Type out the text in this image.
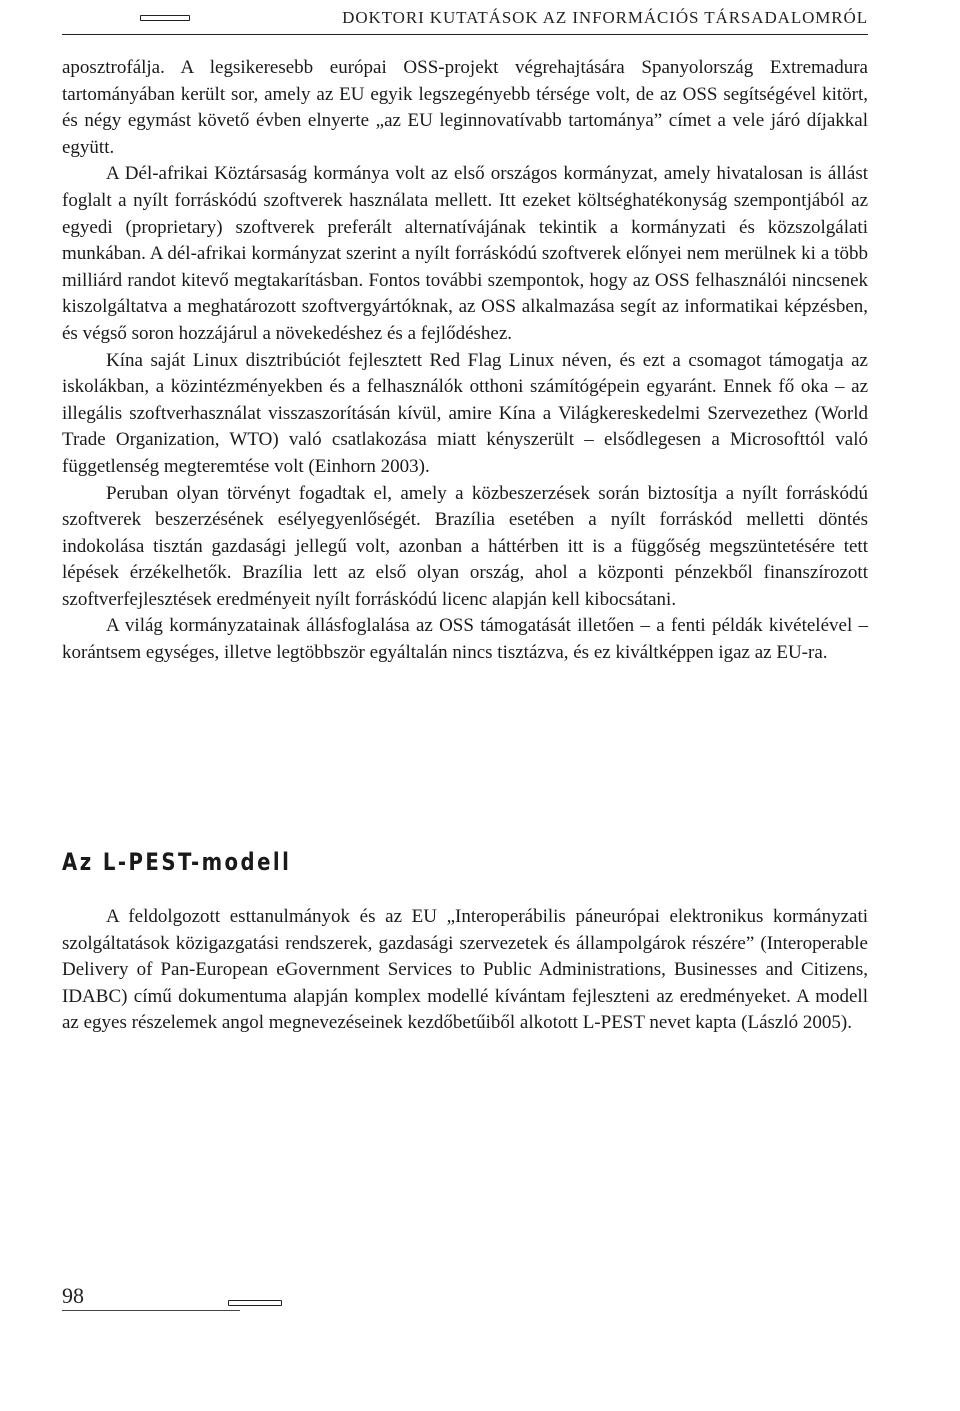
DOKTORI KUTATÁSOK AZ INFORMÁCIÓS TÁRSADALOMRÓL

aposztrofálja. A legsikeresebb európai OSS-projekt végrehajtására Spanyolország Extremadura tartományában került sor, amely az EU egyik legszegényebb térsége volt, de az OSS segítségével kitört, és négy egymást követő évben elnyerte „az EU leginnovatívabb tartománya” címet a vele járó díjakkal együtt.

A Dél-afrikai Köztársaság kormánya volt az első országos kormányzat, amely hivatalosan is állást foglalt a nyílt forráskódú szoftverek használata mellett. Itt ezeket költséghatékonyság szempontjából az egyedi (proprietary) szoftverek preferált alternatívájának tekintik a kormányzati és közszolgálati munkában. A dél-afrikai kormányzat szerint a nyílt forráskódú szoftverek előnyei nem merülnek ki a több milliárd randot kitevő megtakarításban. Fontos további szempontok, hogy az OSS felhasználói nincsenek kiszolgáltatva a meghatározott szoftvergyártóknak, az OSS alkalmazása segít az informatikai képzésben, és végső soron hozzájárul a növekedéshez és a fejlődéshez.

Kína saját Linux disztribúciót fejlesztett Red Flag Linux néven, és ezt a csomagot támogatja az iskolákban, a közintézményekben és a felhasználók otthoni számítógépein egyaránt. Ennek fő oka – az illegális szoftverhasználat visszaszorításán kívül, amire Kína a Világkereskedelmi Szervezethez (World Trade Organization, WTO) való csatlakozása miatt kényszerült – elsődlegesen a Microsofttól való függetlenség megteremtése volt (Einhorn 2003).

Peruban olyan törvényt fogadtak el, amely a közbeszerzések során biztosítja a nyílt forráskódú szoftverek beszerzésének esélyegyenlőségét. Brazília esetében a nyílt forráskód melletti döntés indokolása tisztán gazdasági jellegű volt, azonban a háttérben itt is a függőség megszüntetésére tett lépések érzékelhetők. Brazília lett az első olyan ország, ahol a központi pénzekből finanszírozott szoftverfejlesztések eredményeit nyílt forráskódú licenc alapján kell kibocsátani.

A világ kormányzatainak állásfoglalása az OSS támogatását illetően – a fenti példák kivételével – korántsem egységes, illetve legtöbbször egyáltalán nincs tisztázva, és ez kiváltképpen igaz az EU-ra.

Az L-PEST-modell

A feldolgozott esttanulmányok és az EU „Interoperábilis páneurópai elektronikus kormányzati szolgáltatások közigazgatási rendszerek, gazdasági szervezetek és állampolgárok részére” (Interoperable Delivery of Pan-European eGovernment Services to Public Administrations, Businesses and Citizens, IDABC) című dokumentuma alapján komplex modellé kívántam fejleszteni az eredményeket. A modell az egyes részelemek angol megnevezéseinek kezdőbetűiből alkotott L-PEST nevet kapta (László 2005).

98
